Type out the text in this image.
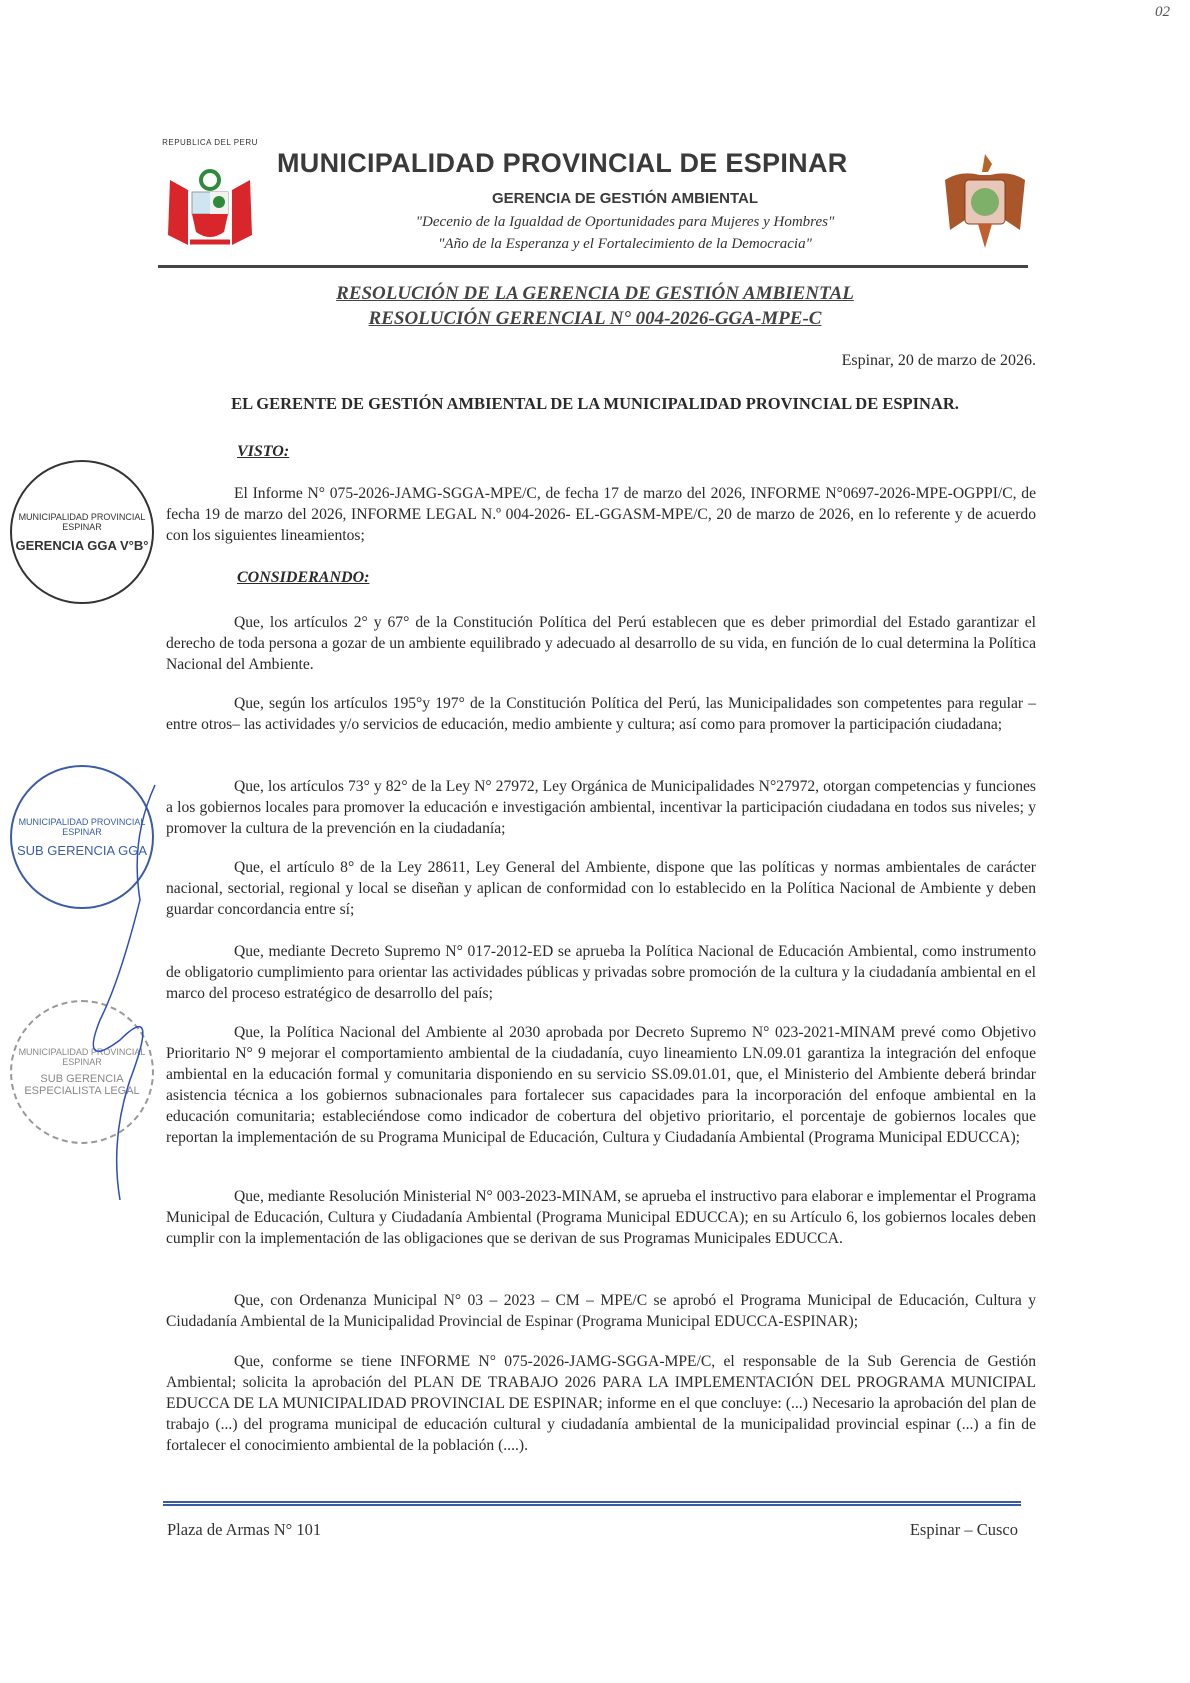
02
REPUBLICA DEL PERU
MUNICIPALIDAD PROVINCIAL DE ESPINAR
GERENCIA DE GESTIÓN AMBIENTAL
"Decenio de la Igualdad de Oportunidades para Mujeres y Hombres"
"Año de la Esperanza y el Fortalecimiento de la Democracia"
RESOLUCIÓN DE LA GERENCIA DE GESTIÓN AMBIENTAL
RESOLUCIÓN GERENCIAL N° 004-2026-GGA-MPE-C
Espinar, 20 de marzo de 2026.
EL GERENTE DE GESTIÓN AMBIENTAL DE LA MUNICIPALIDAD PROVINCIAL DE ESPINAR.
VISTO:
El Informe N° 075-2026-JAMG-SGGA-MPE/C, de fecha 17 de marzo del 2026, INFORME N°0697-2026-MPE-OGPPI/C, de fecha 19 de marzo del 2026, INFORME LEGAL N.º 004-2026- EL-GGASM-MPE/C, 20 de marzo de 2026, en lo referente y de acuerdo con los siguientes lineamientos;
CONSIDERANDO:
Que, los artículos 2° y 67° de la Constitución Política del Perú establecen que es deber primordial del Estado garantizar el derecho de toda persona a gozar de un ambiente equilibrado y adecuado al desarrollo de su vida, en función de lo cual determina la Política Nacional del Ambiente.
Que, según los artículos 195°y 197° de la Constitución Política del Perú, las Municipalidades son competentes para regular –entre otros– las actividades y/o servicios de educación, medio ambiente y cultura; así como para promover la participación ciudadana;
Que, los artículos 73° y 82° de la Ley N° 27972, Ley Orgánica de Municipalidades N°27972, otorgan competencias y funciones a los gobiernos locales para promover la educación e investigación ambiental, incentivar la participación ciudadana en todos sus niveles; y promover la cultura de la prevención en la ciudadanía;
Que, el artículo 8° de la Ley 28611, Ley General del Ambiente, dispone que las políticas y normas ambientales de carácter nacional, sectorial, regional y local se diseñan y aplican de conformidad con lo establecido en la Política Nacional de Ambiente y deben guardar concordancia entre sí;
Que, mediante Decreto Supremo N° 017-2012-ED se aprueba la Política Nacional de Educación Ambiental, como instrumento de obligatorio cumplimiento para orientar las actividades públicas y privadas sobre promoción de la cultura y la ciudadanía ambiental en el marco del proceso estratégico de desarrollo del país;
Que, la Política Nacional del Ambiente al 2030 aprobada por Decreto Supremo N° 023-2021-MINAM prevé como Objetivo Prioritario N° 9 mejorar el comportamiento ambiental de la ciudadanía, cuyo lineamiento LN.09.01 garantiza la integración del enfoque ambiental en la educación formal y comunitaria disponiendo en su servicio SS.09.01.01, que, el Ministerio del Ambiente deberá brindar asistencia técnica a los gobiernos subnacionales para fortalecer sus capacidades para la incorporación del enfoque ambiental en la educación comunitaria; estableciéndose como indicador de cobertura del objetivo prioritario, el porcentaje de gobiernos locales que reportan la implementación de su Programa Municipal de Educación, Cultura y Ciudadanía Ambiental (Programa Municipal EDUCCA);
Que, mediante Resolución Ministerial N° 003-2023-MINAM, se aprueba el instructivo para elaborar e implementar el Programa Municipal de Educación, Cultura y Ciudadanía Ambiental (Programa Municipal EDUCCA); en su Artículo 6, los gobiernos locales deben cumplir con la implementación de las obligaciones que se derivan de sus Programas Municipales EDUCCA.
Que, con Ordenanza Municipal N° 03 – 2023 – CM – MPE/C se aprobó el Programa Municipal de Educación, Cultura y Ciudadanía Ambiental de la Municipalidad Provincial de Espinar (Programa Municipal EDUCCA-ESPINAR);
Que, conforme se tiene INFORME N° 075-2026-JAMG-SGGA-MPE/C, el responsable de la Sub Gerencia de Gestión Ambiental; solicita la aprobación del PLAN DE TRABAJO 2026 PARA LA IMPLEMENTACIÓN DEL PROGRAMA MUNICIPAL EDUCCA DE LA MUNICIPALIDAD PROVINCIAL DE ESPINAR; informe en el que concluye: (...) Necesario la aprobación del plan de trabajo (...) del programa municipal de educación cultural y ciudadanía ambiental de la municipalidad provincial espinar (...) a fin de fortalecer el conocimiento ambiental de la población (....).
MUNICIPALIDAD PROVINCIAL ESPINAR
GERENCIA GGA V°B°
MUNICIPALIDAD PROVINCIAL ESPINAR
SUB GERENCIA GGA
MUNICIPALIDAD PROVINCIAL ESPINAR
SUB GERENCIA ESPECIALISTA LEGAL
Plaza de Armas N° 101	Espinar – Cusco
